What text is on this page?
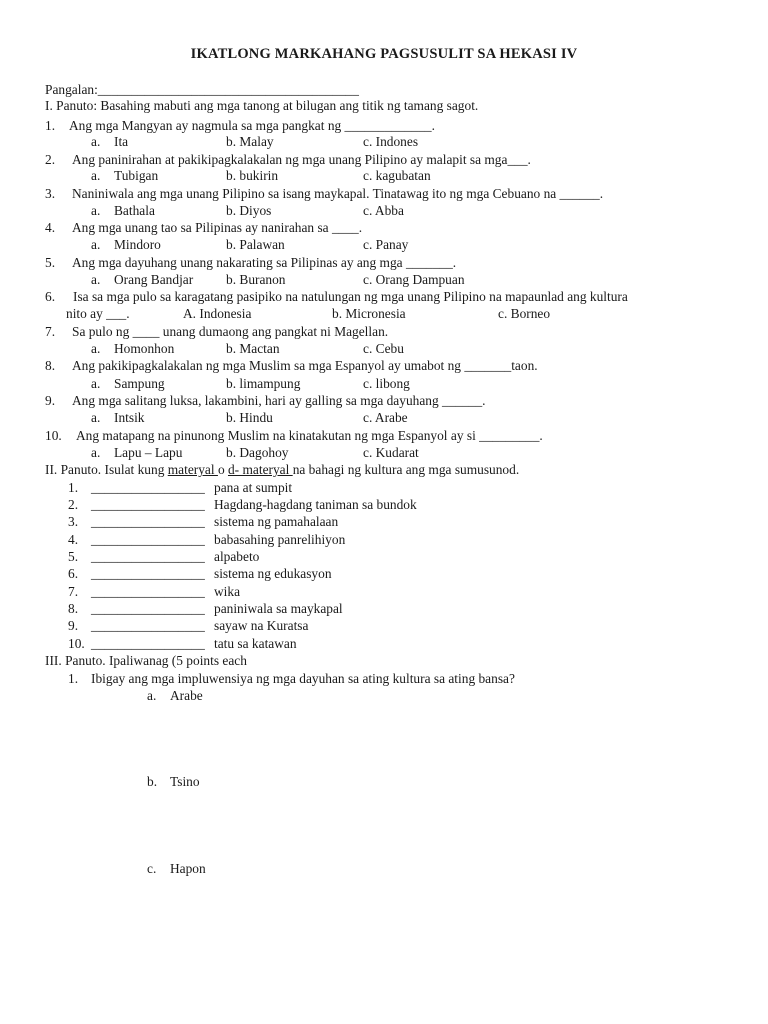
IKATLONG MARKAHANG PAGSUSULIT SA HEKASI IV
Pangalan:_______________________________________
I. Panuto: Basahing mabuti ang mga tanong at bilugan ang titik ng tamang sagot.
1. Ang mga Mangyan ay nagmula sa mga pangkat ng _____________.
a. Ita	b. Malay	c. Indones
2. Ang paninirahan at pakikipagkalakalan ng mga unang Pilipino ay malapit sa mga___.
a. Tubigan	b. bukirin	c. kagubatan
3. Naniniwala ang mga unang Pilipino sa isang maykapal. Tinatawag ito ng mga Cebuano na ______.
a. Bathala	b. Diyos	c. Abba
4. Ang mga unang tao sa Pilipinas ay nanirahan sa ____.
a. Mindoro	b. Palawan	c. Panay
5. Ang mga dayuhang unang nakarating sa Pilipinas ay ang mga _______.
a. Orang Bandjar b. Buranon	c. Orang Dampuan
6. Isa sa mga pulo sa karagatang pasipiko na natulungan ng mga unang Pilipino na mapaunlad ang kultura
nito ay ___.	A. Indonesia	b. Micronesia	c. Borneo
7. Sa pulo ng ____ unang dumaong ang pangkat ni Magellan.
a. Homonhon	b. Mactan	c. Cebu
8. Ang pakikipagkalakalan ng mga Muslim sa mga Espanyol ay umabot ng _______taon.
a. Sampung	b. limampung	c. libong
9. Ang mga salitang luksa, lakambini, hari ay galling sa mga dayuhang ______.
a. Intsik	b. Hindu	c. Arabe
10. Ang matapang na pinunong Muslim na kinatakutan ng mga Espanyol ay si _________.
a. Lapu – Lapu	b. Dagohoy	c. Kudarat
II. Panuto. Isulat kung materyal o d- materyal na bahagi ng kultura ang mga sumusunod.
1. _________________ pana at sumpit
2. _________________ Hagdang-hagdang taniman sa bundok
3. _________________ sistema ng pamahalaan
4. _________________ babasahing panrelihiyon
5. _________________ alpabeto
6. _________________ sistema ng edukasyon
7. _________________ wika
8. _________________ paniniwala sa maykapal
9. _________________ sayaw na Kuratsa
10. _________________ tatu sa katawan
III. Panuto. Ipaliwanag (5 points each
1. Ibigay ang mga impluwensiya ng mga dayuhan sa ating kultura sa ating bansa?
a. Arabe
b. Tsino
c. Hapon
